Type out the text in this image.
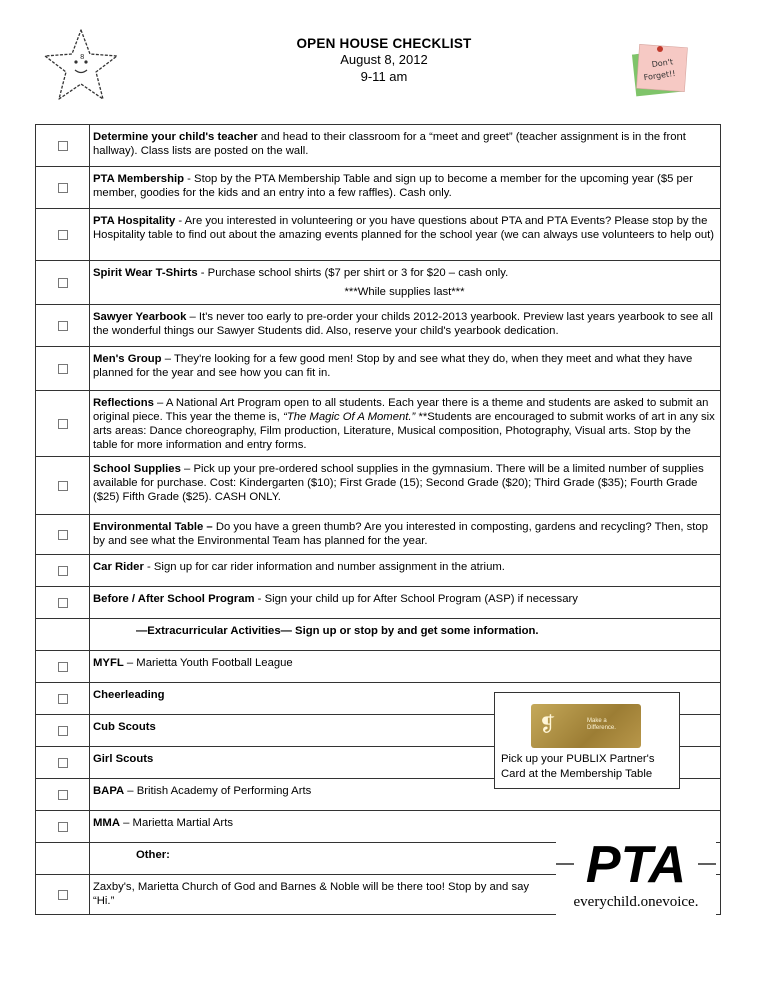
8
OPEN HOUSE CHECKLIST
August 8, 2012
9-11 am
Don't
Forget!!
	Determine your child's teacher and head to their classroom for a “meet and greet” (teacher assignment is in the front hallway). Class lists are posted on the wall.
	PTA Membership - Stop by the PTA Membership Table and sign up to become a member for the upcoming year ($5 per member, goodies for the kids and an entry into a few raffles). Cash only.
	PTA Hospitality - Are you interested in volunteering or you have questions about PTA and PTA Events? Please stop by the Hospitality table to find out about the amazing events planned for the school year (we can always use volunteers to help out)
	Spirit Wear T-Shirts - Purchase school shirts ($7 per shirt or 3 for $20 – cash only.
***While supplies last***

	Sawyer Yearbook – It's never too early to pre-order your childs 2012-2013 yearbook. Preview last years yearbook to see all the wonderful things our Sawyer Students did. Also, reserve your child's yearbook dedication.
	Men's Group – They're looking for a few good men! Stop by and see what they do, when they meet and what they have planned for the year and see how you can fit in.
	Reflections – A National Art Program open to all students. Each year there is a theme and students are asked to submit an original piece. This year the theme is, “The Magic Of A Moment.” **Students are encouraged to submit works of art in any six arts areas: Dance choreography, Film production, Literature, Musical composition, Photography, Visual arts. Stop by the table for more information and entry forms.
	School Supplies – Pick up your pre-ordered school supplies in the gymnasium. There will be a limited number of supplies available for purchase. Cost: Kindergarten ($10); First Grade (15); Second Grade ($20); Third Grade ($35); Fourth Grade ($25) Fifth Grade ($25). CASH ONLY.
	Environmental Table – Do you have a green thumb? Are you interested in composting, gardens and recycling? Then, stop by and see what the Environmental Team has planned for the year.
	Car Rider - Sign up for car rider information and number assignment in the atrium.
	Before / After School Program - Sign your child up for After School Program (ASP) if necessary
	—Extracurricular Activities— Sign up or stop by and get some information.
	MYFL – Marietta Youth Football League
	Cheerleading
	Cub Scouts
	Girl Scouts
	BAPA – British Academy of Performing Arts
	MMA – Marietta Martial Arts
	Other:
	Zaxby's, Marietta Church of God and Barnes & Noble will be there too! Stop by and say “Hi.”
❡	Make a
Difference.
Pick up your PUBLIX Partner's
Card at the Membership Table
PTA
everychild.onevoice.
